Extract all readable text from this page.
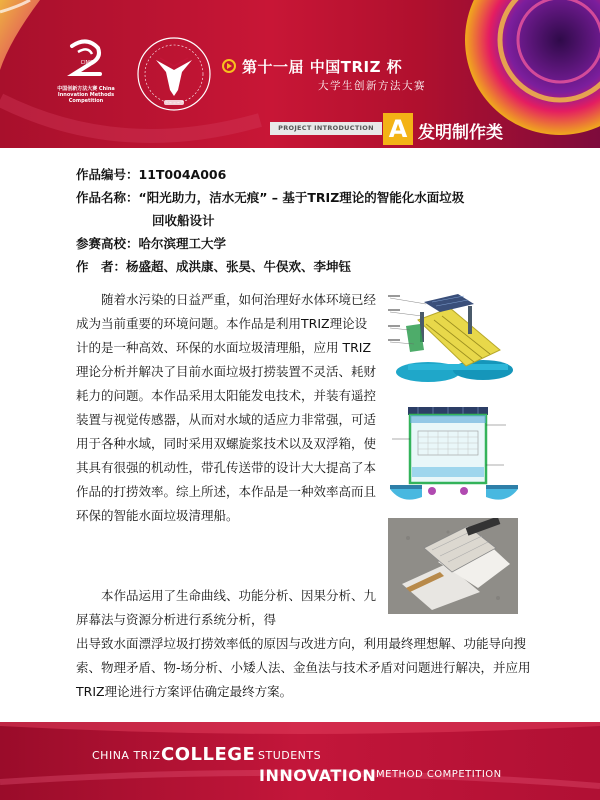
CIMC
中国创新方法大赛 China Innovation Methods Competition
第十一届 中国TRIZ 杯
大学生创新方法大赛
PROJECT INTRODUCTION A 发明制作类
作品编号：11T004A006
作品名称：“阳光助力，洁水无痕” – 基于TRIZ理论的智能化水面垃圾
回收船设计
参赛高校：哈尔滨理工大学
作　者：杨盛超、成洪康、张昊、牛俣欢、李坤钰
随着水污染的日益严重，如何治理好水体环境已经成为当前重要的环境问题。本作品是利用TRIZ理论设计的是一种高效、环保的水面垃圾清理船，应用 TRIZ理论分析并解决了目前水面垃圾打捞装置不灵活、耗财耗力的问题。本作品采用太阳能发电技术，并装有遥控装置与视觉传感器，从而对水域的适应力非常强，可适用于各种水域，同时采用双螺旋浆技术以及双浮箱，使其具有很强的机动性，带孔传送带的设计大大提高了本作品的打捞效率。综上所述，本作品是一种效率高而且环保的智能水面垃圾清理船。
本作品运用了生命曲线、功能分析、因果分析、九屏幕法与资源分析进行系统分析，得
出导致水面漂浮垃圾打捞效率低的原因与改进方向，利用最终理想解、功能导向搜索、物理矛盾、物-场分析、小矮人法、金鱼法与技术矛盾对问题进行解决，并应用TRIZ理论进行方案评估确定最终方案。
CHINA TRIZ COLLEGE STUDENTS
INNOVATION METHOD COMPETITION
